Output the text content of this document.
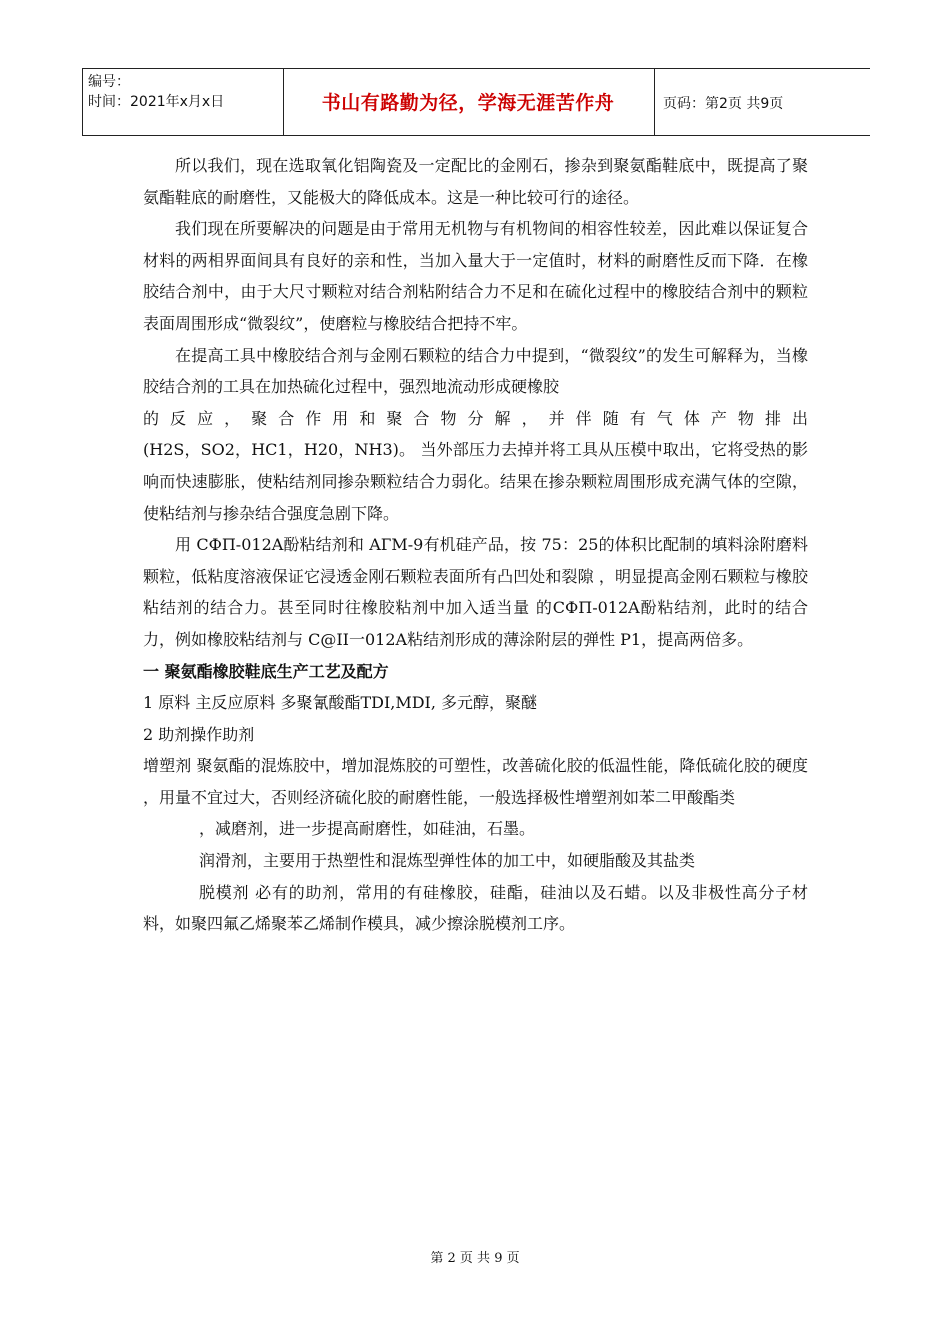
编号：
时间：2021年x月x日	书山有路勤为径，学海无涯苦作舟	页码：第2页 共9页

所以我们，现在选取氧化铝陶瓷及一定配比的金刚石，掺杂到聚氨酯鞋底中，既提高了聚氨酯鞋底的耐磨性，又能极大的降低成本。这是一种比较可行的途径。

我们现在所要解决的问题是由于常用无机物与有机物间的相容性较差，因此难以保证复合材料的两相界面间具有良好的亲和性，当加入量大于一定值时，材料的耐磨性反而下降．在橡胶结合剂中，由于大尺寸颗粒对结合剂粘附结合力不足和在硫化过程中的橡胶结合剂中的颗粒表面周围形成“微裂纹”，使磨粒与橡胶结合把持不牢。

在提高工具中橡胶结合剂与金刚石颗粒的结合力中提到，“微裂纹”的发生可解释为，当橡胶结合剂的工具在加热硫化过程中，强烈地流动形成硬橡胶

的反应，聚合作用和聚合物分解，并伴随有气体产物排出

(H2S，SO2，HC1，H20，NH3)。 当外部压力去掉并将工具从压模中取出，它将受热的影响而快速膨胀，使粘结剂同掺杂颗粒结合力弱化。结果在掺杂颗粒周围形成充满气体的空隙，使粘结剂与掺杂结合强度急剧下降。

用 CФП-012A酚粘结剂和 AГM-9有机硅产品，按 75：25的体积比配制的填料涂附磨料颗粒，低粘度溶液保证它浸透金刚石颗粒表面所有凸凹处和裂隙 ，明显提高金刚石颗粒与橡胶粘结剂的结合力。甚至同时往橡胶粘剂中加入适当量 的CФП-012A酚粘结剂，此时的结合力，例如橡胶粘结剂与 C@II一012A粘结剂形成的薄涂附层的弹性 P1，提高两倍多。

一 聚氨酯橡胶鞋底生产工艺及配方

1 原料 主反应原料 多聚氰酸酯TDI,MDI, 多元醇，聚醚

2 助剂操作助剂

增塑剂 聚氨酯的混炼胶中，增加混炼胶的可塑性，改善硫化胶的低温性能，降低硫化胶的硬度 ，用量不宜过大，否则经济硫化胶的耐磨性能，一般选择极性增塑剂如苯二甲酸酯类

，减磨剂，进一步提高耐磨性，如硅油，石墨。

润滑剂，主要用于热塑性和混炼型弹性体的加工中，如硬脂酸及其盐类

脱模剂 必有的助剂，常用的有硅橡胶，硅酯，硅油以及石蜡。以及非极性高分子材料，如聚四氟乙烯聚苯乙烯制作模具，减少擦涂脱模剂工序。

第 2 页 共 9 页
